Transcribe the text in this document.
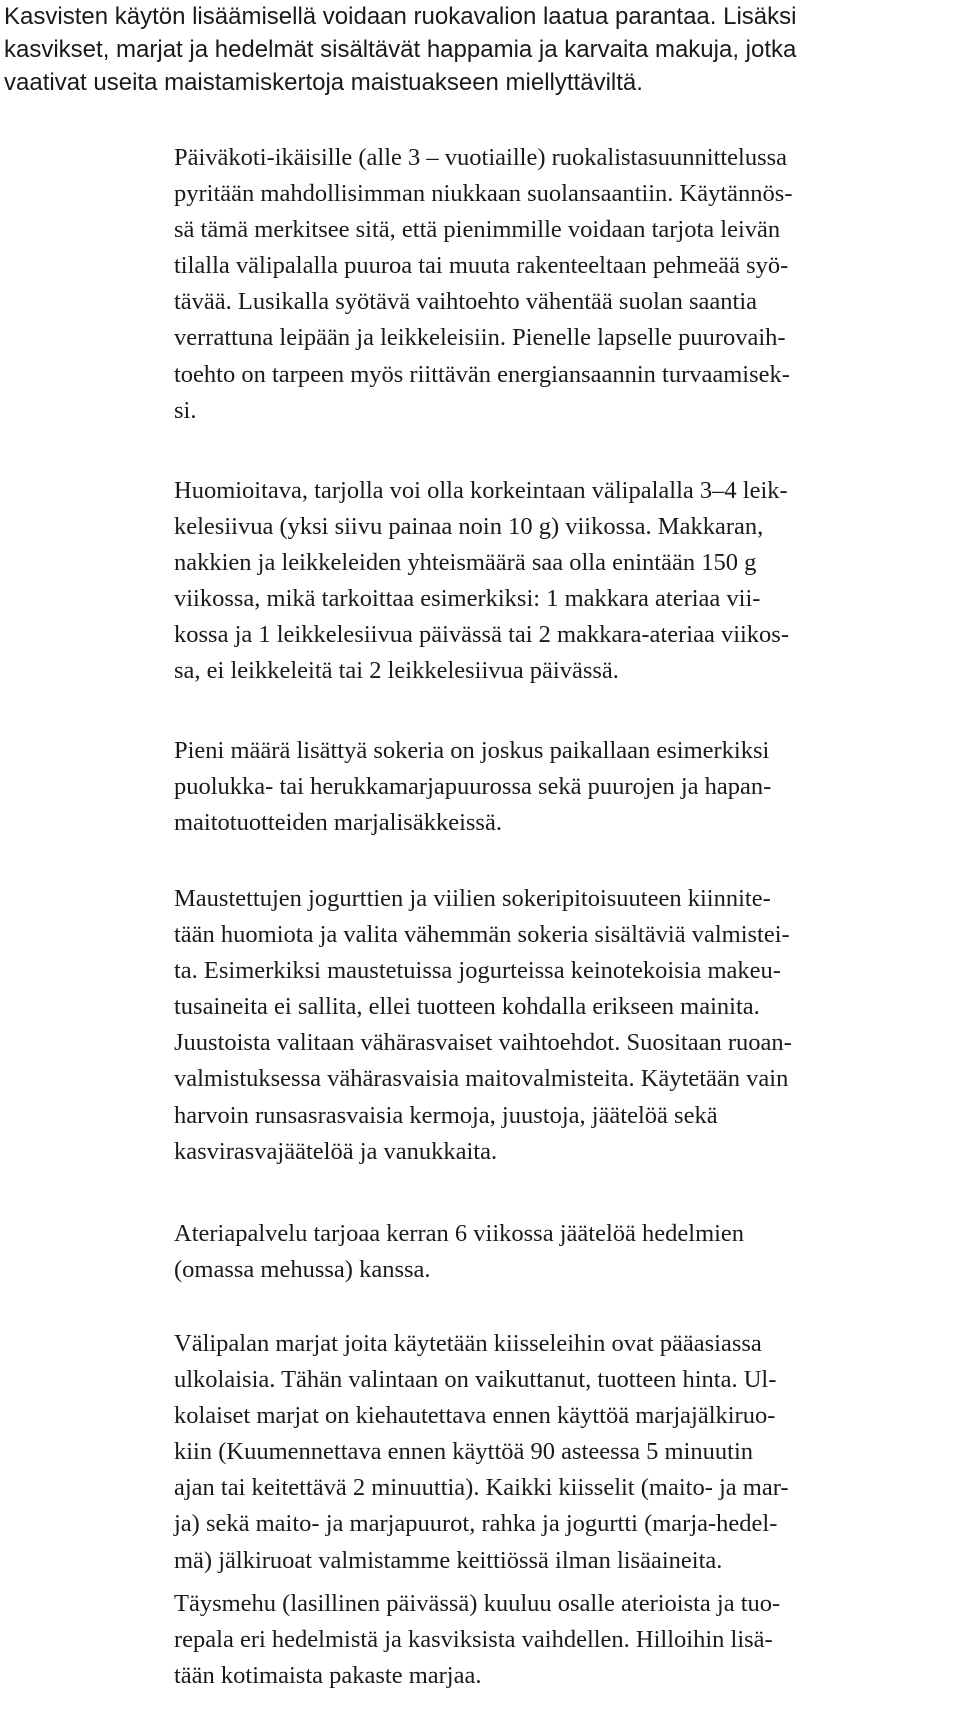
Kasvisten käytön lisäämisellä voidaan ruokavalion laatua parantaa. Lisäksi
kasvikset, marjat ja hedelmät sisältävät happamia ja karvaita makuja, jotka
vaativat useita maistamiskertoja maistuakseen miellyttäviltä.

Päiväkoti-ikäisille (alle 3 – vuotiaille) ruokalistasuunnittelussa
pyritään mahdollisimman niukkaan suolansaantiin. Käytännös-
sä tämä merkitsee sitä, että pienimmille voidaan tarjota leivän
tilalla välipalalla puuroa tai muuta rakenteeltaan pehmeää syö-
tävää. Lusikalla syötävä vaihtoehto vähentää suolan saantia
verrattuna leipään ja leikkeleisiin. Pienelle lapselle puurovaih-
toehto on tarpeen myös riittävän energiansaannin turvaamisek-
si.

Huomioitava, tarjolla voi olla korkeintaan välipalalla 3–4 leik-
kelesiivua (yksi siivu painaa noin 10 g) viikossa. Makkaran,
nakkien ja leikkeleiden yhteismäärä saa olla enintään 150 g
viikossa, mikä tarkoittaa esimerkiksi: 1 makkara ateriaa vii-
kossa ja 1 leikkelesiivua päivässä tai 2 makkara-ateriaa viikos-
sa, ei leikkeleitä tai 2 leikkelesiivua päivässä.

Pieni määrä lisättyä sokeria on joskus paikallaan esimerkiksi
puolukka- tai herukkamarjapuurossa sekä puurojen ja hapan-
maitotuotteiden marjalisäkkeissä.

Maustettujen jogurttien ja viilien sokeripitoisuuteen kiinnite-
tään huomiota ja valita vähemmän sokeria sisältäviä valmistei-
ta. Esimerkiksi maustetuissa jogurteissa keinotekoisia makeu-
tusaineita ei sallita, ellei tuotteen kohdalla erikseen mainita.
Juustoista valitaan vähärasvaiset vaihtoehdot. Suositaan ruoan-
valmistuksessa vähärasvaisia maitovalmisteita. Käytetään vain
harvoin runsasrasvaisia kermoja, juustoja, jäätelöä sekä
kasvirasvajäätelöä ja vanukkaita.

Ateriapalvelu tarjoaa kerran 6 viikossa jäätelöä hedelmien
(omassa mehussa) kanssa.

Välipalan marjat joita käytetään kiisseleihin ovat pääasiassa
ulkolaisia. Tähän valintaan on vaikuttanut, tuotteen hinta. Ul-
kolaiset marjat on kiehautettava ennen käyttöä marjajälkiruo-
kiin (Kuumennettava ennen käyttöä 90 asteessa 5 minuutin
ajan tai keitettävä 2 minuuttia). Kaikki kiisselit (maito- ja mar-
ja) sekä maito- ja marjapuurot, rahka ja jogurtti (marja-hedel-
mä) jälkiruoat valmistamme keittiössä ilman lisäaineita.

Täysmehu (lasillinen päivässä) kuuluu osalle aterioista ja tuo-
repala eri hedelmistä ja kasviksista vaihdellen. Hilloihin lisä-
tään kotimaista pakaste marjaa.
